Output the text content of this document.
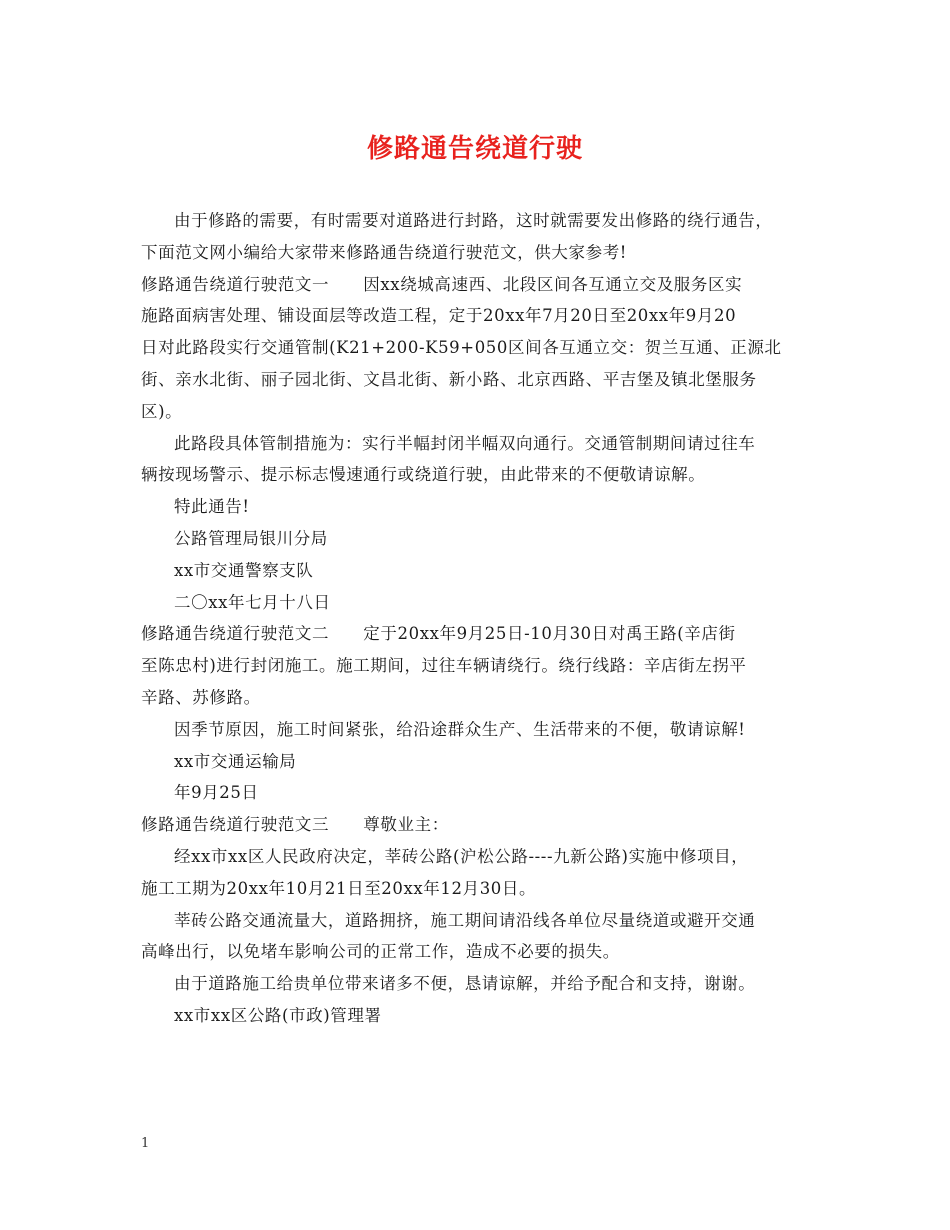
修路通告绕道行驶
由于修路的需要，有时需要对道路进行封路，这时就需要发出修路的绕行通告，
下面范文网小编给大家带来修路通告绕道行驶范文，供大家参考!
修路通告绕道行驶范文一　　因xx绕城高速西、北段区间各互通立交及服务区实
施路面病害处理、铺设面层等改造工程，定于20xx年7月20日至20xx年9月20
日对此路段实行交通管制(K21+200-K59+050区间各互通立交：贺兰互通、正源北
街、亲水北街、丽子园北街、文昌北街、新小路、北京西路、平吉堡及镇北堡服务
区)。
此路段具体管制措施为：实行半幅封闭半幅双向通行。交通管制期间请过往车
辆按现场警示、提示标志慢速通行或绕道行驶，由此带来的不便敬请谅解。
特此通告!
公路管理局银川分局
xx市交通警察支队
二〇xx年七月十八日
修路通告绕道行驶范文二　　定于20xx年9月25日-10月30日对禹王路(辛店街
至陈忠村)进行封闭施工。施工期间，过往车辆请绕行。绕行线路：辛店街左拐平
辛路、苏修路。
因季节原因，施工时间紧张，给沿途群众生产、生活带来的不便，敬请谅解!
xx市交通运输局
年9月25日
修路通告绕道行驶范文三　　尊敬业主：
经xx市xx区人民政府决定，莘砖公路(沪松公路----九新公路)实施中修项目，
施工工期为20xx年10月21日至20xx年12月30日。
莘砖公路交通流量大，道路拥挤，施工期间请沿线各单位尽量绕道或避开交通
高峰出行，以免堵车影响公司的正常工作，造成不必要的损失。
由于道路施工给贵单位带来诸多不便，恳请谅解，并给予配合和支持，谢谢。
xx市xx区公路(市政)管理署
1
